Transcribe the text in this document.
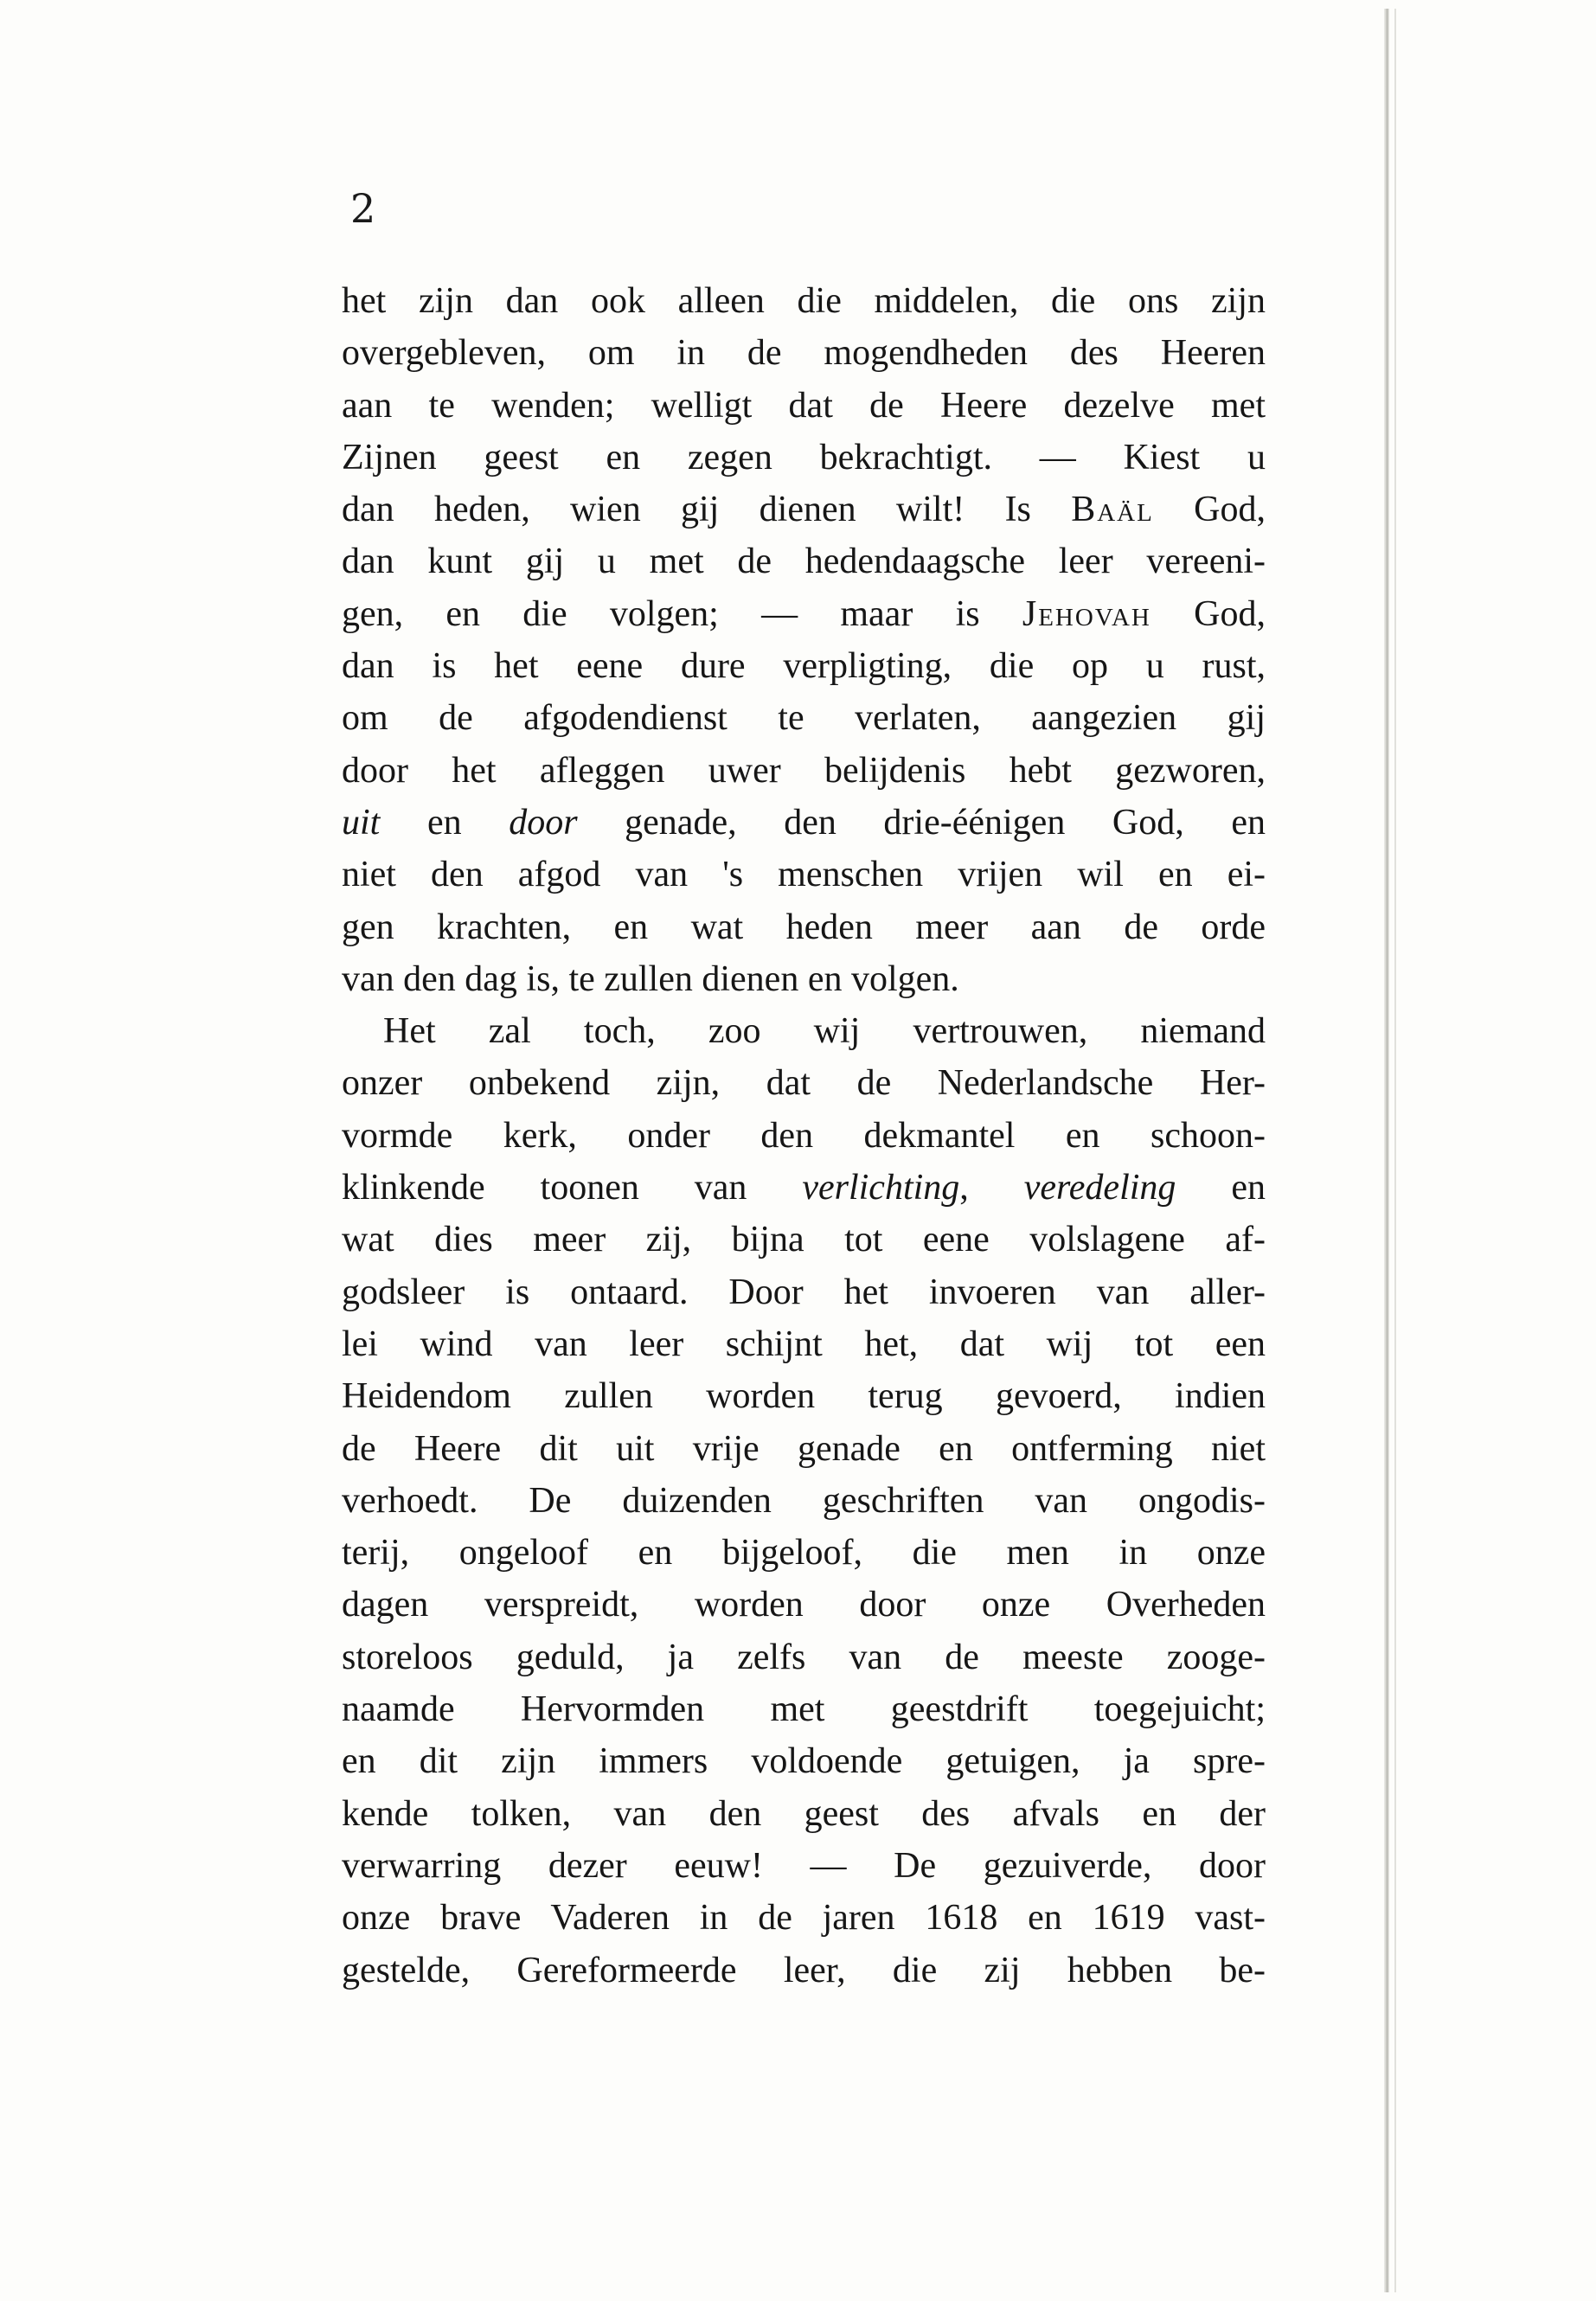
2
het zijn dan ook alleen die middelen, die ons zijn
overgebleven, om in de mogendheden des Heeren
aan te wenden; welligt dat de Heere dezelve met
Zijnen geest en zegen bekrachtigt. — Kiest u
dan heden, wien gij dienen wilt! Is Baäl God,
dan kunt gij u met de hedendaagsche leer vereeni-
gen, en die volgen; — maar is Jehovah God,
dan is het eene dure verpligting, die op u rust,
om de afgodendienst te verlaten, aangezien gij
door het afleggen uwer belijdenis hebt gezworen,
uit en door genade, den drie-éénigen God, en
niet den afgod van 's menschen vrijen wil en ei-
gen krachten, en wat heden meer aan de orde
van den dag is, te zullen dienen en volgen.
Het zal toch, zoo wij vertrouwen, niemand
onzer onbekend zijn, dat de Nederlandsche Her-
vormde kerk, onder den dekmantel en schoon-
klinkende toonen van verlichting, veredeling en
wat dies meer zij, bijna tot eene volslagene af-
godsleer is ontaard. Door het invoeren van aller-
lei wind van leer schijnt het, dat wij tot een
Heidendom zullen worden terug gevoerd, indien
de Heere dit uit vrije genade en ontferming niet
verhoedt. De duizenden geschriften van ongodis-
terij, ongeloof en bijgeloof, die men in onze
dagen verspreidt, worden door onze Overheden
storeloos geduld, ja zelfs van de meeste zooge-
naamde Hervormden met geestdrift toegejuicht;
en dit zijn immers voldoende getuigen, ja spre-
kende tolken, van den geest des afvals en der
verwarring dezer eeuw! — De gezuiverde, door
onze brave Vaderen in de jaren 1618 en 1619 vast-
gestelde, Gereformeerde leer, die zij hebben be-
